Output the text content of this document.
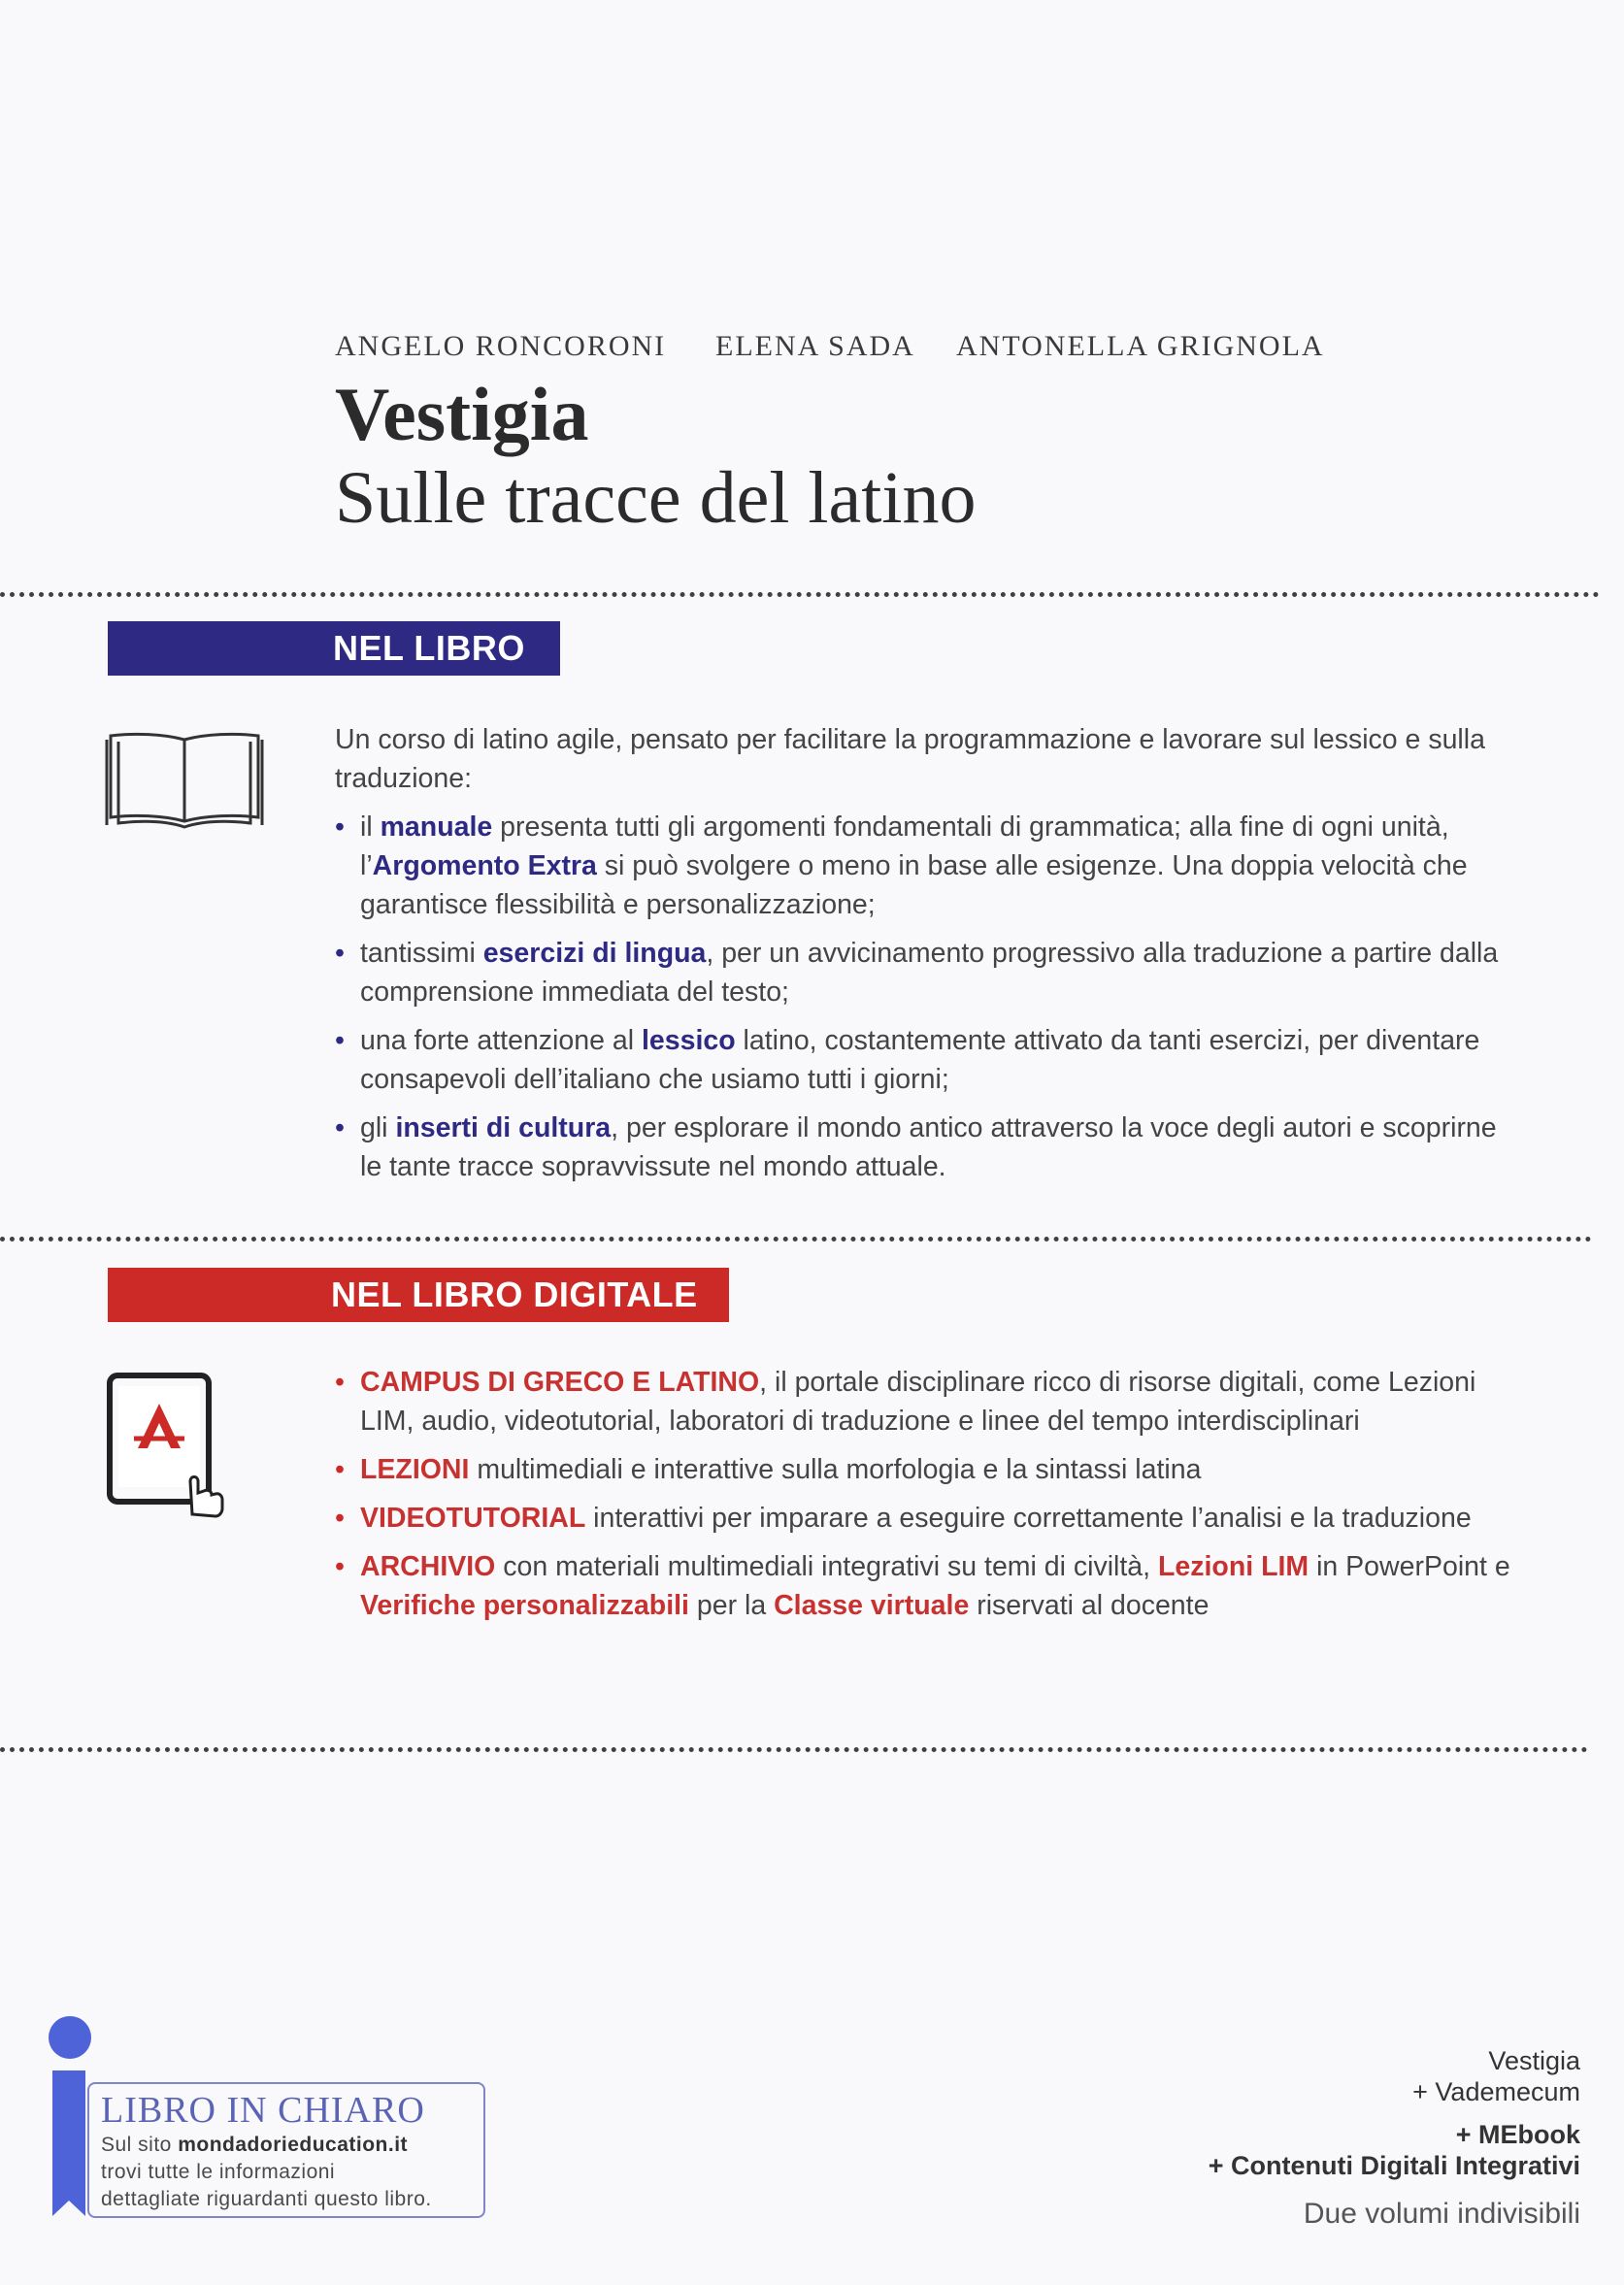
ANGELO RONCORONI ELENA SADA ANTONELLA GRIGNOLA
Vestigia
Sulle tracce del latino
NEL LIBRO
Un corso di latino agile, pensato per facilitare la programmazione e lavorare sul lessico e sulla traduzione:
• il manuale presenta tutti gli argomenti fondamentali di grammatica; alla fine di ogni unità, l’Argomento Extra si può svolgere o meno in base alle esigenze. Una doppia velocità che garantisce flessibilità e personalizzazione;
• tantissimi esercizi di lingua, per un avvicinamento progressivo alla traduzione a partire dalla comprensione immediata del testo;
• una forte attenzione al lessico latino, costantemente attivato da tanti esercizi, per diventare consapevoli dell’italiano che usiamo tutti i giorni;
• gli inserti di cultura, per esplorare il mondo antico attraverso la voce degli autori e scoprirne le tante tracce sopravvissute nel mondo attuale.
NEL LIBRO DIGITALE
• CAMPUS DI GRECO E LATINO, il portale disciplinare ricco di risorse digitali, come Lezioni LIM, audio, videotutorial, laboratori di traduzione e linee del tempo interdisciplinari
• LEZIONI multimediali e interattive sulla morfologia e la sintassi latina
• VIDEOTUTORIAL interattivi per imparare a eseguire correttamente l’analisi e la traduzione
• ARCHIVIO con materiali multimediali integrativi su temi di civiltà, Lezioni LIM in PowerPoint e Verifiche personalizzabili per la Classe virtuale riservati al docente
LIBRO IN CHIARO
Sul sito mondadorieducation.it
trovi tutte le informazioni
dettagliate riguardanti questo libro.
Vestigia
+ Vademecum
+ MEbook
+ Contenuti Digitali Integrativi
Due volumi indivisibili
